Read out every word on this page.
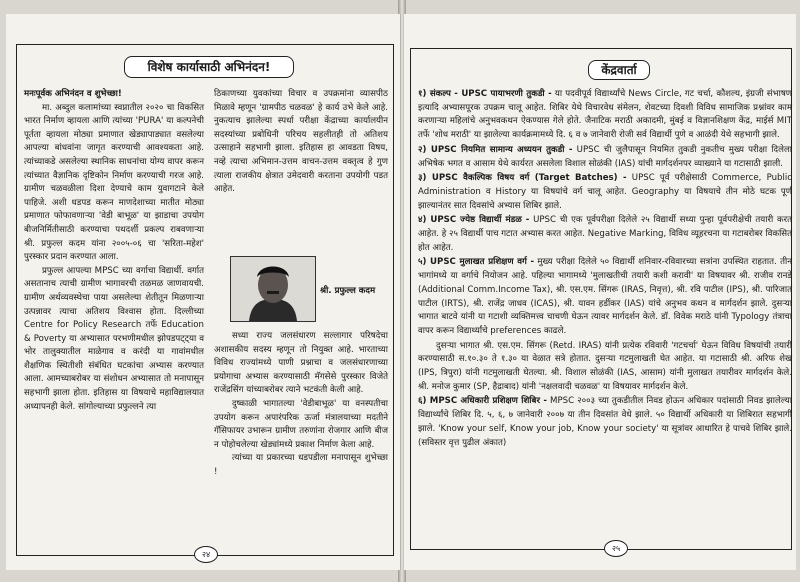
विशेष कार्यासाठी अभिनंदन!

मनःपूर्वक अभिनंदन व शुभेच्छा!

मा. अब्दुल कलामांच्या स्वप्नातील २०२० चा विकसित भारत निर्माण व्हायला आणि त्यांच्या 'PURA' या कल्पनेची पूर्तता व्हायला मोठ्या प्रमाणात खेड्यापाड्यात वसलेल्या आपल्या बांधवांना जागृत करण्याची आवश्यकता आहे. त्यांच्याकडे असलेल्या स्थानिक साधनांचा योग्य वापर करून त्यांच्यात वैज्ञानिक दृष्टिकोन निर्माण करण्याची गरज आहे. ग्रामीण चळवळीला दिशा देण्याचे काम युवागटाने केले पाहिजे. अशी धडपड करून माणदेशाच्या मातीत मोठ्या प्रमाणात फोफावणाऱ्या 'वेडी बाभूळ' या झाडाचा उपयोग बीजनिर्मितीसाठी करण्याचा पथदर्शी प्रकल्प राबवणाऱ्या श्री. प्रफुल्ल कदम यांना २००५-०६ चा 'सरिता-महेश' पुरस्कार प्रदान करण्यात आला.

प्रफुल्ल आपल्या MPSC च्या वर्गाचा विद्यार्थी. वर्गात असतानाच त्याची ग्रामीण भागावरची तळमळ जाणवायची. ग्रामीण अर्थव्यवस्थेचा पाया असलेल्या शेतीतून मिळणाऱ्या उत्पन्नावर त्याचा अतिशय विश्वास होता. दिल्लीच्या Centre for Policy Research तर्फे Education & Poverty या अभ्यासात परभणीमधील झोपडपट्ट्या व भोर तालुक्यातील माळेगाव व करंदी या गावांमधील शैक्षणिक स्थितीशी संबंधित घटकांचा अभ्यास करण्यात आला. आमच्याबरोबर या संशोधन अभ्यासात तो मनापासून सहभागी झाला होता. इतिहास या विषयाचे महाविद्यालयात अध्यापनही केले. सांगोल्याच्या प्रफुल्लने त्या

ठिकाणच्या युवकांच्या विचार व उपक्रमांना व्यासपीठ मिळावे म्हणून 'ग्रामपीठ चळवळ' हे कार्य उभे केले आहे. नुकत्याच झालेल्या स्पर्धा परीक्षा केंद्राच्या कार्यालयीन सदस्यांच्या प्रबोधिनी परिचय सहलीतही तो अतिशय उत्साहाने सहभागी झाला. इतिहास हा आवडता विषय, नव्हे त्याचा अभिमान-उत्तम वाचन-उत्तम वक्तृत्व हे गुण त्याला राजकीय क्षेत्रात उमेदवारी करताना उपयोगी पडत आहेत.

श्री. प्रफुल्ल कदम

सध्या राज्य जलसंधारण सल्लागार परिषदेचा अशासकीय सदस्य म्हणून तो नियुक्त आहे. भारताच्या विविध राज्यांमध्ये पाणी प्रश्नाचा व जलसंधारणाच्या प्रयोगाचा अभ्यास करण्यासाठी मॅगसेसे पुरस्कार विजेते राजेंद्रसिंग यांच्याबरोबर त्याने भटकंती केली आहे.

दुष्काळी भागातल्या 'वेडीबाभूळ' या वनस्पतीचा उपयोग करून अपारंपरिक ऊर्जा मंत्रालयाच्या मदतीने गॅसिफायर उभारून ग्रामीण तरुणांना रोजगार आणि बीज न पोहोचलेल्या खेड्यांमध्ये प्रकाश निर्माण केला आहे.

त्यांच्या या प्रकारच्या धडपडीला मनापासून शुभेच्छा !

२४
केंद्रवार्ता

१) संकल्प - UPSC पायाभरणी तुकडी - या पदवीपूर्व विद्यार्थ्यांचे News Circle, गट चर्चा, कौशल्य, इंग्रजी संभाषण इत्यादि अभ्यासपूरक उपक्रम चालू आहेत. शिबिर येथे विचारवेध संमेलन, शेवटच्या दिवशी विविध सामाजिक प्रश्नांवर काम करणाऱ्या महिलांचे अनुभवकथन ऐकण्यास गेले होते. जैनाटिक मराठी अकादमी, मुंबई व विज्ञानशिक्षण केंद्र, माईर्स MIT तर्फे 'शोध मराठी' या झालेल्या कार्यक्रमामध्ये दि. ६ व ७ जानेवारी रोजी सर्व विद्यार्थी पुणे व आळंदी येथे सहभागी झाले.

२) UPSC नियमित सामान्य अध्ययन तुकडी - UPSC ची जुलैपासून नियमित तुकडी नुकतीच मुख्य परीक्षा दिलेला अभिषेक भगत व आसाम येथे कार्यरत असलेला विशाल सोळंकी (IAS) यांची मार्गदर्शनपर व्याख्याने या गटासाठी झाली.

३) UPSC वैकल्पिक विषय वर्ग (Target Batches) - UPSC पूर्व परीक्षेसाठी Commerce, Public Administration व History या विषयांचे वर्ग चालू आहेत. Geography या विषयाचे तीन मोठे घटक पूर्ण झाल्यानंतर सात दिवसांचे अभ्यास शिबिर झाले.

४) UPSC ज्येष्ठ विद्यार्थी मंडळ - UPSC ची एक पूर्वपरीक्षा दिलेले २५ विद्यार्थी सध्या पुन्हा पूर्वपरीक्षेची तयारी करत आहेत. हे २५ विद्यार्थी पाच गटात अभ्यास करत आहेत. Negative Marking, विविध व्यूहरचना या गटाबरोबर विकसित होत आहेत.

५) UPSC मुलाखत प्रशिक्षण वर्ग - मुख्य परीक्षा दिलेले ५० विद्यार्थी शनिवार-रविवारच्या सत्रांना उपस्थित राहतात. तीन भागांमध्ये या वर्गाचे नियोजन आहे. पहिल्या भागामध्ये 'मुलाखतीची तयारी कशी करावी' या विषयावर श्री. राजीव रानडे (Additional Comm.Income Tax), श्री. एस.एम. सिंगरू (IRAS, निवृत्त), श्री. रवि पाटील (IPS), श्री. पारिजात पाटील (IRTS), श्री. राजेंद्र जाधव (ICAS), श्री. यावन हर्डीकर (IAS) यांचे अनुभव कथन व मार्गदर्शन झाले. दुसऱ्या भागात बाटवे यांनी या गटाशी व्यक्तिमत्त्व चाचणी घेऊन त्यावर मार्गदर्शन केले. डॉ. विवेक मराठे यांनी Typology तंत्राचा वापर करून विद्यार्थ्यांचे preferences काढले.

दुसऱ्या भागात श्री. एस.एम. सिंगरू (Retd. IRAS) यांनी प्रत्येक रविवारी 'गटचर्चा' घेऊन विविध विषयांची तयारी करण्यासाठी स.१०.३० ते १.३० या वेळात सत्रे होतात. दुसऱ्या गटमुलाखती घेत आहेत. या गटासाठी श्री. अरिफ शेख (IPS, त्रिपुरा) यांनी गटमुलाखती घेतल्या. श्री. विशाल सोळंकी (IAS, आसाम) यांनी मुलाखत तयारीवर मार्गदर्शन केले. श्री. मनोज कुमार (SP, हैद्राबाद) यांनी 'नक्षलवादी चळवळ' या विषयावर मार्गदर्शन केले.

६) MPSC अधिकारी प्रशिक्षण शिबिर - MPSC २००३ च्या तुकडीतील निवड होऊन अधिकार पदांसाठी निवड झालेल्या विद्यार्थ्यांचे शिबिर दि. ५, ६, ७ जानेवारी २००७ या तीन दिवसांत वेधे झाले. ५० विद्यार्थी अधिकारी या शिबिरात सहभागी झाले. 'Know your self, Know your job, Know your society' या सूत्रांवर आधारित हे पाचवे शिबिर झाले. (सविस्तर वृत्त पुढील अंकात)

२५
